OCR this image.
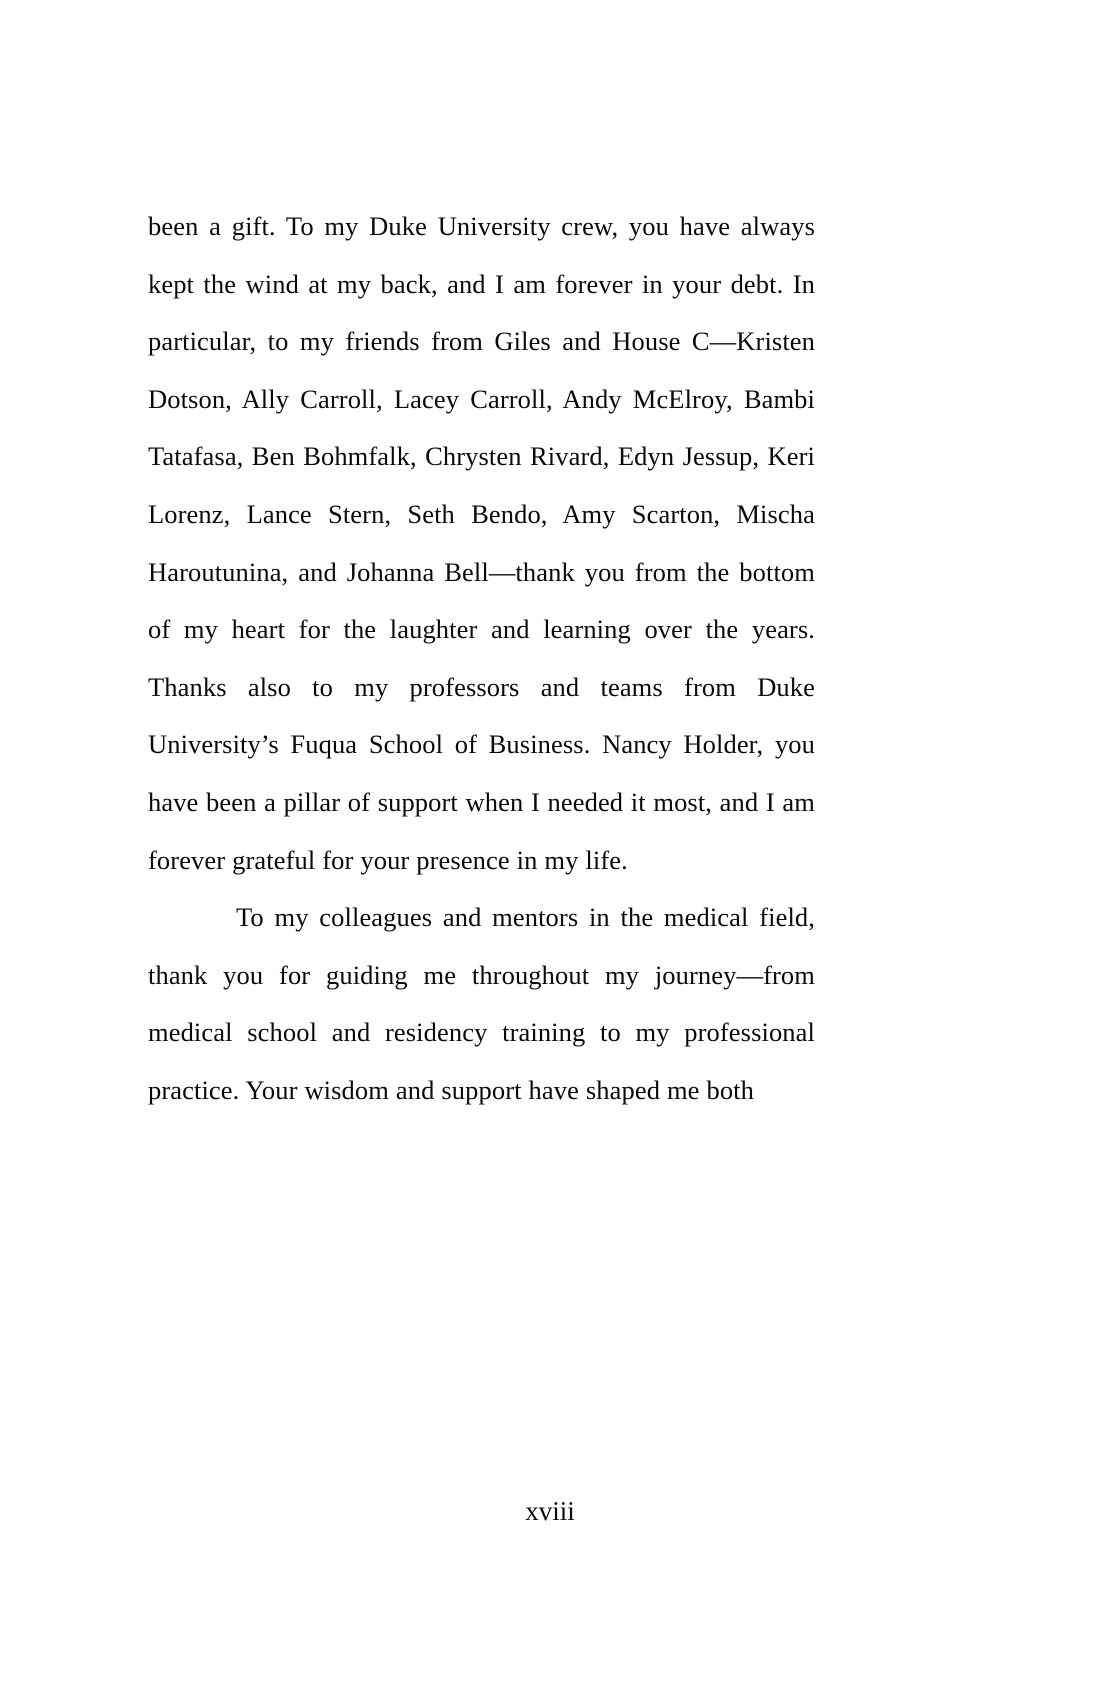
been a gift. To my Duke University crew, you have always kept the wind at my back, and I am forever in your debt. In particular, to my friends from Giles and House C—Kristen Dotson, Ally Carroll, Lacey Carroll, Andy McElroy, Bambi Tatafasa, Ben Bohmfalk, Chrysten Rivard, Edyn Jessup, Keri Lorenz, Lance Stern, Seth Bendo, Amy Scarton, Mischa Haroutunina, and Johanna Bell—thank you from the bottom of my heart for the laughter and learning over the years. Thanks also to my professors and teams from Duke University’s Fuqua School of Business. Nancy Holder, you have been a pillar of support when I needed it most, and I am forever grateful for your presence in my life.

To my colleagues and mentors in the medical field, thank you for guiding me throughout my journey—from medical school and residency training to my professional practice. Your wisdom and support have shaped me both

xviii
